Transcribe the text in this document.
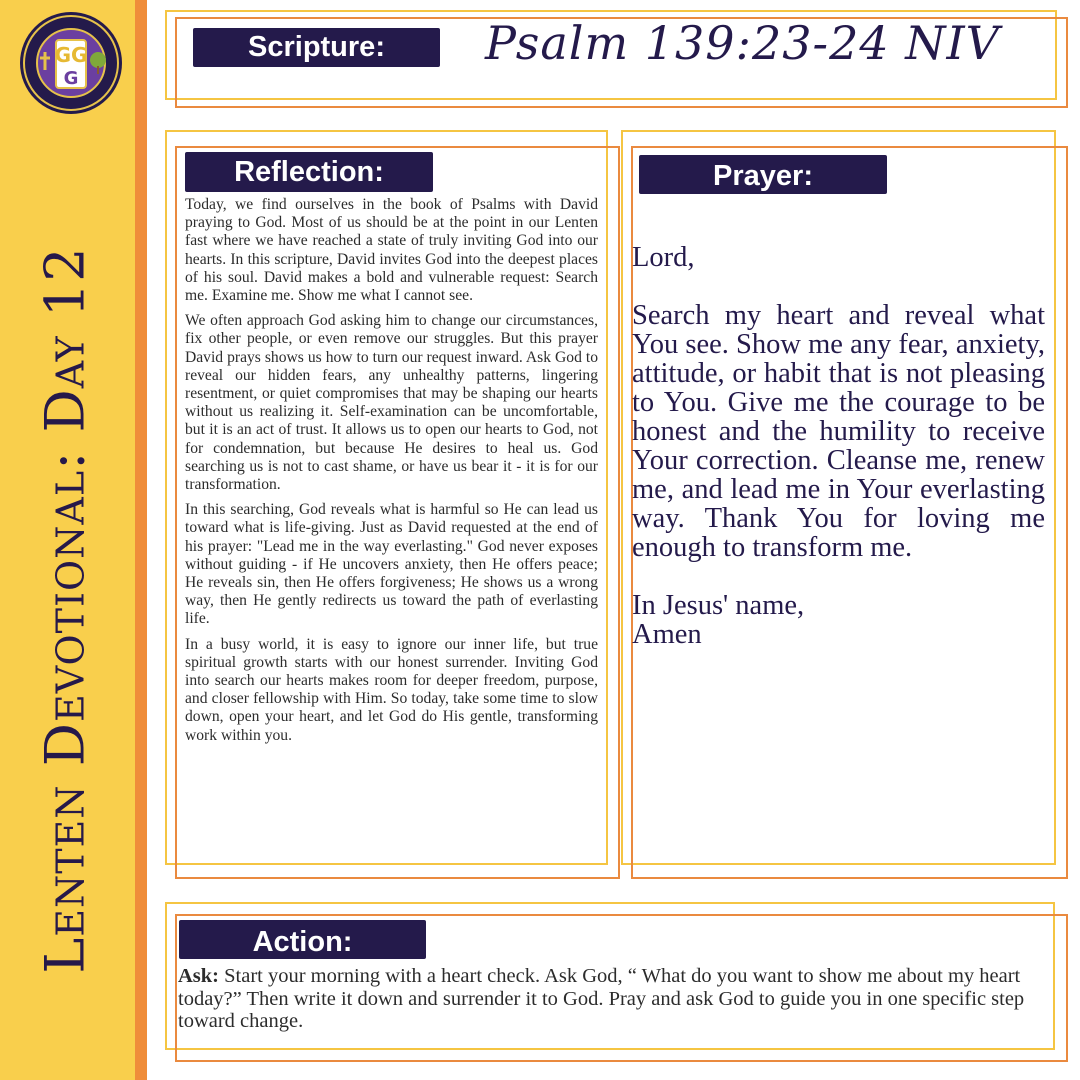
GG
G
Lenten Devotional: Day 12
Scripture:	Psalm 139:23-24 NIV
Reflection:

Today, we find ourselves in the book of Psalms with David praying to God. Most of us should be at the point in our Lenten fast where we have reached a state of truly inviting God into our hearts. In this scripture, David invites God into the deepest places of his soul. David makes a bold and vulnerable request: Search me. Examine me. Show me what I cannot see.

We often approach God asking him to change our circumstances, fix other people, or even remove our struggles. But this prayer David prays shows us how to turn our request inward. Ask God to reveal our hidden fears, any unhealthy patterns, lingering resentment, or quiet compromises that may be shaping our hearts without us realizing it. Self-examination can be uncomfortable, but it is an act of trust. It allows us to open our hearts to God, not for condemnation, but because He desires to heal us. God searching us is not to cast shame, or have us bear it - it is for our transformation.

In this searching, God reveals what is harmful so He can lead us toward what is life-giving. Just as David requested at the end of his prayer: "Lead me in the way everlasting." God never exposes without guiding - if He uncovers anxiety, then He offers peace; He reveals sin, then He offers forgiveness; He shows us a wrong way, then He gently redirects us toward the path of everlasting life.

In a busy world, it is easy to ignore our inner life, but true spiritual growth starts with our honest surrender. Inviting God into search our hearts makes room for deeper freedom, purpose, and closer fellowship with Him. So today, take some time to slow down, open your heart, and let God do His gentle, transforming work within you.

Prayer:

Lord,

Search my heart and reveal what You see. Show me any fear, anxiety, attitude, or habit that is not pleasing to You. Give me the courage to be honest and the humility to receive Your correction. Cleanse me, renew me, and lead me in Your everlasting way. Thank You for loving me enough to transform me.

In Jesus' name,
Amen
Action:
Ask: Start your morning with a heart check. Ask God, “ What do you want to show me about my heart today?” Then write it down and surrender it to God. Pray and ask God to guide you in one specific step toward change.
